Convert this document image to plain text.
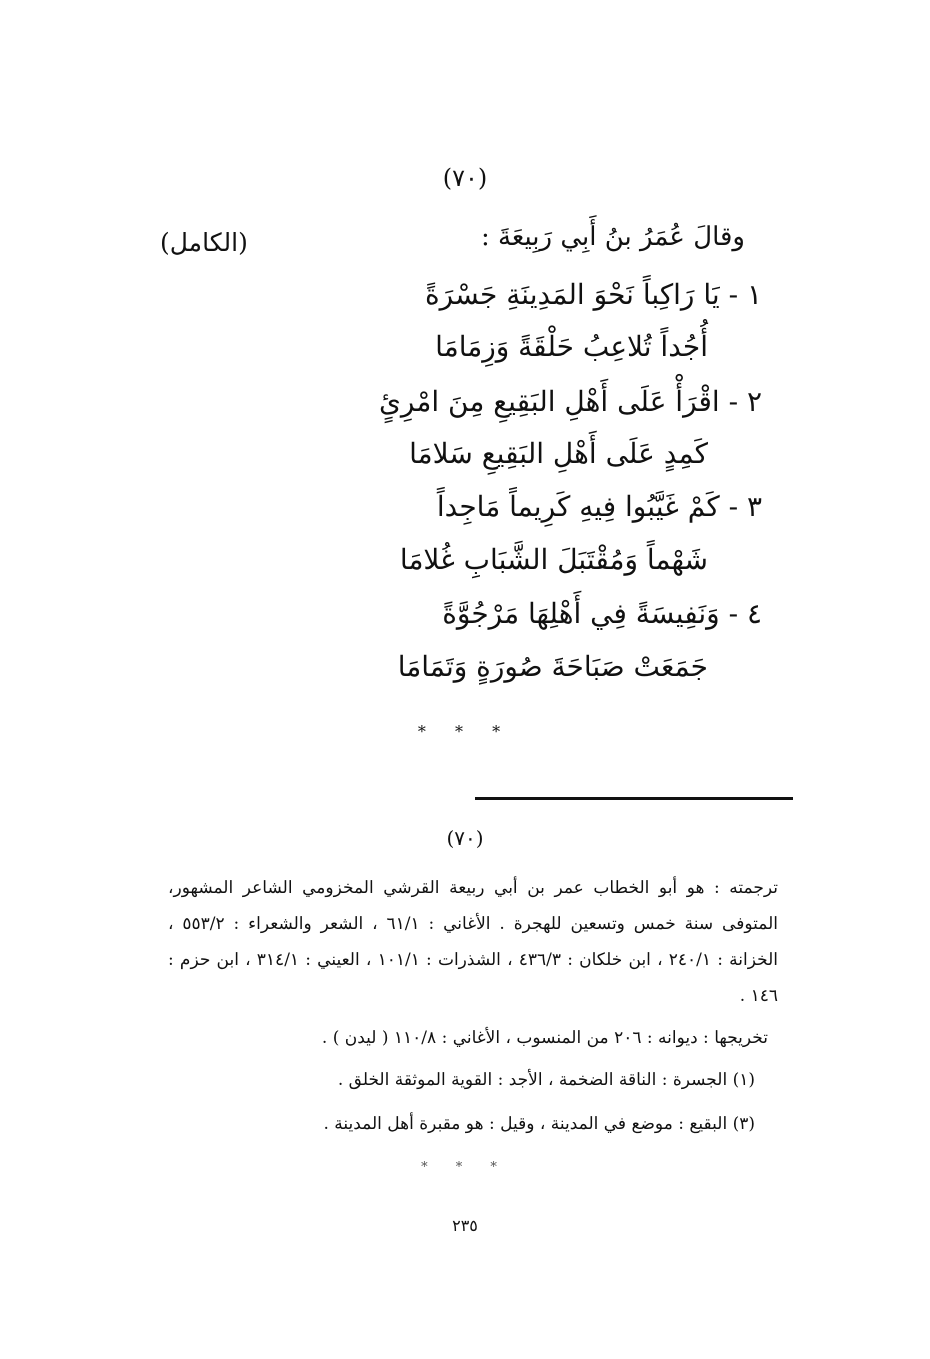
(٧٠)
وقالَ عُمَرُ بنُ أَبِي رَبِيعَةَ :
(الكامل)
١ - يَا رَاكِباً نَحْوَ المَدِينَةِ جَسْرَةً
أُجُداً تُلاعِبُ حَلْقَةً وَزِمَامَا
٢ - اقْرَأْ عَلَى أَهْلِ البَقِيعِ مِنَ امْرِئٍ
كَمِدٍ عَلَى أَهْلِ البَقِيعِ سَلامَا
٣ - كَمْ غَيَّبُوا فِيهِ كَرِيماً مَاجِداً
شَهْماً وَمُقْتَبَلَ الشَّبَابِ غُلامَا
٤ - وَنَفِيسَةً فِي أَهْلِهَا مَرْجُوَّةً
جَمَعَتْ صَبَاحَةَ صُورَةٍ وَتَمَامَا
* * *
(٧٠)
ترجمته : هو أبو الخطاب عمر بن أبي ربيعة القرشي المخزومي الشاعر المشهور، المتوفى سنة خمس وتسعين للهجرة . الأغاني : ٦١/١ ، الشعر والشعراء : ٥٥٣/٢ ، الخزانة : ٢٤٠/١ ، ابن خلكان : ٤٣٦/٣ ، الشذرات : ١٠١/١ ، العيني : ٣١٤/١ ، ابن حزم : ١٤٦ .
تخريجها : ديوانه : ٢٠٦ من المنسوب ، الأغاني : ١١٠/٨ ( ليدن ) .
(١) الجسرة : الناقة الضخمة ، الأجد : القوية الموثقة الخلق .
(٣) البقيع : موضع في المدينة ، وقيل : هو مقبرة أهل المدينة .
* * *
٢٣٥
